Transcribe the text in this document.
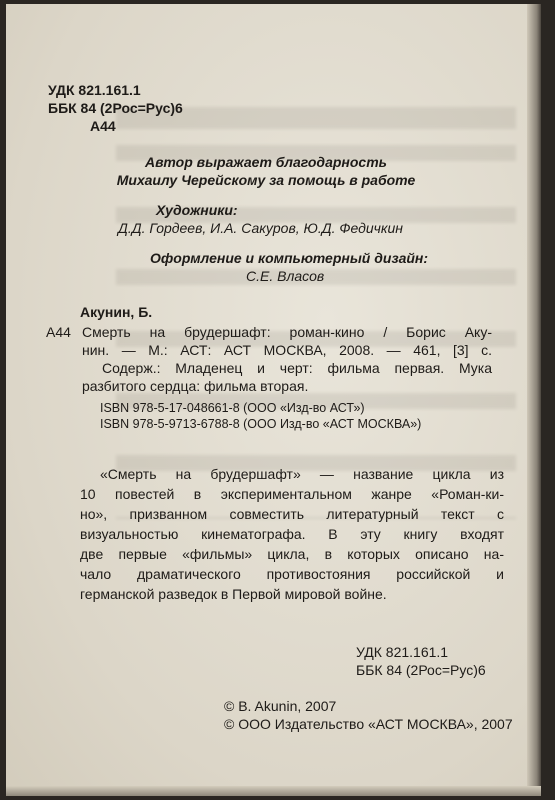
УДК 821.161.1

ББК 84 (2Рос=Рус)6

А44

Автор выражает благодарность

Михаилу Черейскому за помощь в работе

Художники:

Д.Д. Гордеев, И.А. Сакуров, Ю.Д. Федичкин

Оформление и компьютерный дизайн:

С.Е. Власов

Акунин, Б.

А44 Смерть на брудершафт: роман-кино / Борис Аку-

нин. — М.: АСТ: АСТ МОСКВА, 2008. — 461, [3] с.

Содерж.: Младенец и черт: фильма первая. Мука

разбитого сердца: фильма вторая.

ISBN 978-5-17-048661-8 (ООО «Изд-во АСТ»)

ISBN 978-5-9713-6788-8 (ООО Изд-во «АСТ МОСКВА»)

«Смерть на брудершафт» — название цикла из

10 повестей в экспериментальном жанре «Роман-ки-

но», призванном совместить литературный текст с

визуальностью кинематографа. В эту книгу входят

две первые «фильмы» цикла, в которых описано на-

чало драматического противостояния российской и

германской разведок в Первой мировой войне.

УДК 821.161.1

ББК 84 (2Рос=Рус)6

© B. Akunin, 2007

© ООО Издательство «АСТ МОСКВА», 2007
